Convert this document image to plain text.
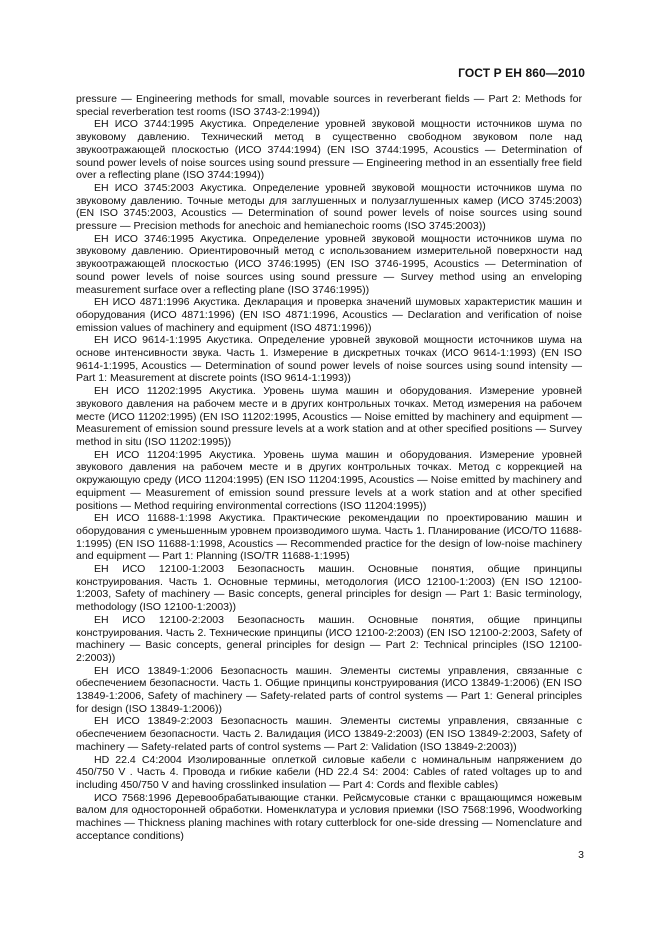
ГОСТ Р ЕН 860—2010

pressure — Engineering methods for small, movable sources in reverberant fields — Part 2: Methods for special reverberation test rooms (ISO 3743-2:1994))

ЕН ИСО 3744:1995 Акустика. Определение уровней звуковой мощности источников шума по звуковому давлению. Технический метод в существенно свободном звуковом поле над звукоотражающей плоскостью (ИСО 3744:1994) (EN ISO 3744:1995, Acoustics — Determination of sound power levels of noise sources using sound pressure — Engineering method in an essentially free field over a reflecting plane (ISO 3744:1994))

ЕН ИСО 3745:2003 Акустика. Определение уровней звуковой мощности источников шума по звуковому давлению. Точные методы для заглушенных и полузаглушенных камер (ИСО 3745:2003) (EN ISO 3745:2003, Acoustics — Determination of sound power levels of noise sources using sound pressure — Precision methods for anechoic and hemianechoic rooms (ISO 3745:2003))

ЕН ИСО 3746:1995 Акустика. Определение уровней звуковой мощности источников шума по звуковому давлению. Ориентировочный метод с использованием измерительной поверхности над звукоотражающей плоскостью (ИСО 3746:1995) (EN ISO 3746-1995, Acoustics — Determination of sound power levels of noise sources using sound pressure — Survey method using an enveloping measurement surface over a reflecting plane (ISO 3746:1995))

ЕН ИСО 4871:1996 Акустика. Декларация и проверка значений шумовых характеристик машин и оборудования (ИСО 4871:1996) (EN ISO 4871:1996, Acoustics — Declaration and verification of noise emission values of machinery and equipment (ISO 4871:1996))

ЕН ИСО 9614-1:1995 Акустика. Определение уровней звуковой мощности источников шума на основе интенсивности звука. Часть 1. Измерение в дискретных точках (ИСО 9614-1:1993) (EN ISO 9614-1:1995, Acoustics — Determination of sound power levels of noise sources using sound intensity — Part 1: Measurement at discrete points (ISO 9614-1:1993))

ЕН ИСО 11202:1995 Акустика. Уровень шума машин и оборудования. Измерение уровней звукового давления на рабочем месте и в других контрольных точках. Метод измерения на рабочем месте (ИСО 11202:1995) (EN ISO 11202:1995, Acoustics — Noise emitted by machinery and equipment — Measurement of emission sound pressure levels at a work station and at other specified positions — Survey method in situ (ISO 11202:1995))

ЕН ИСО 11204:1995 Акустика. Уровень шума машин и оборудования. Измерение уровней звукового давления на рабочем месте и в других контрольных точках. Метод с коррекцией на окружающую среду (ИСО 11204:1995) (EN ISO 11204:1995, Acoustics — Noise emitted by machinery and equipment — Measurement of emission sound pressure levels at a work station and at other specified positions — Method requiring environmental corrections (ISO 11204:1995))

ЕН ИСО 11688-1:1998 Акустика. Практические рекомендации по проектированию машин и оборудования с уменьшенным уровнем производимого шума. Часть 1. Планирование (ИСО/ТО 11688-1:1995) (EN ISO 11688-1:1998, Acoustics — Recommended practice for the design of low-noise machinery and equipment — Part 1: Planning (ISO/TR 11688-1:1995)

ЕН ИСО 12100-1:2003 Безопасность машин. Основные понятия, общие принципы конструирования. Часть 1. Основные термины, методология (ИСО 12100-1:2003) (EN ISO 12100-1:2003, Safety of machinery — Basic concepts, general principles for design — Part 1: Basic terminology, methodology (ISO 12100-1:2003))

ЕН ИСО 12100-2:2003 Безопасность машин. Основные понятия, общие принципы конструирования. Часть 2. Технические принципы (ИСО 12100-2:2003) (EN ISO 12100-2:2003, Safety of machinery — Basic concepts, general principles for design — Part 2: Technical principles (ISO 12100-2:2003))

ЕН ИСО 13849-1:2006 Безопасность машин. Элементы системы управления, связанные с обеспечением безопасности. Часть 1. Общие принципы конструирования (ИСО 13849-1:2006) (EN ISO 13849-1:2006, Safety of machinery — Safety-related parts of control systems — Part 1: General principles for design (ISO 13849-1:2006))

ЕН ИСО 13849-2:2003 Безопасность машин. Элементы системы управления, связанные с обеспечением безопасности. Часть 2. Валидация (ИСО 13849-2:2003) (EN ISO 13849-2:2003, Safety of machinery — Safety-related parts of control systems — Part 2: Validation (ISO 13849-2:2003))

HD 22.4 C4:2004 Изолированные оплеткой силовые кабели с номинальным напряжением до 450/750 V . Часть 4. Провода и гибкие кабели (HD 22.4 S4: 2004: Cables of rated voltages up to and including 450/750 V and having crosslinked insulation — Part 4: Cords and flexible cables)

ИСО 7568:1996 Деревообрабатывающие станки. Рейсмусовые станки с вращающимся ножевым валом для односторонней обработки. Номенклатура и условия приемки (ISO 7568:1996, Woodworking machines — Thickness planing machines with rotary cutterblock for one-side dressing — Nomenclature and acceptance conditions)

3
